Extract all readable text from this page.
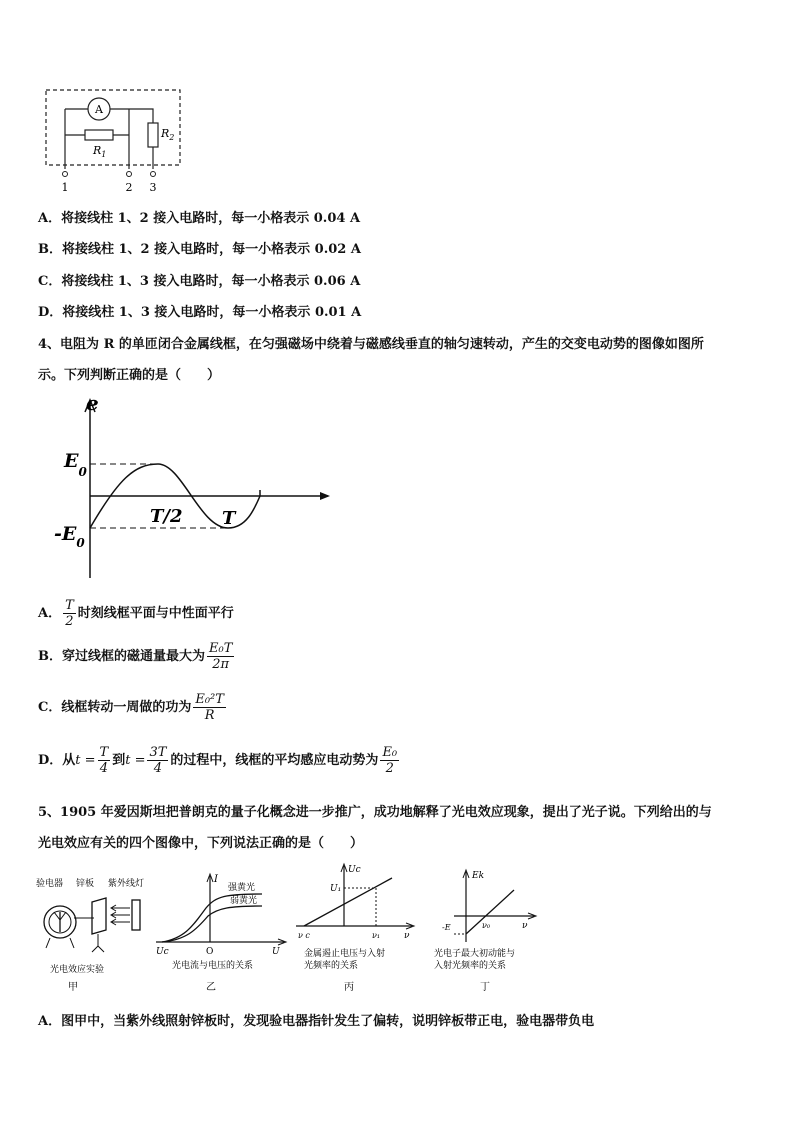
A
$R_1$
$R_2$
1	2 3
A．将接线柱 1、2 接入电路时，每一小格表示 0.04 A
B．将接线柱 1、2 接入电路时，每一小格表示 0.02 A
C．将接线柱 1、3 接入电路时，每一小格表示 0.06 A
D．将接线柱 1、3 接入电路时，每一小格表示 0.01 A
4、电阻为 R 的单匝闭合金属线框，在匀强磁场中绕着与磁感线垂直的轴匀速转动，产生的交变电动势的图像如图所
示。下列判断正确的是（　　）
e
$E_0$
$-E_0$
T/2 T
A． $\frac{T}{2}$ 时刻线框平面与中性面平行
B．穿过线框的磁通量最大为 $\frac{\text{E₀T}}{2\pi}$
C．线框转动一周做的功为 $\frac{\text{E₀²T}}{R}$
D．从$t = \frac{T}{4}$ 到$t = \frac{3T}{4}$ 的过程中，线框的平均感应电动势为 $\frac{\text{E₀}}{2}$
5、1905 年爱因斯坦把普朗克的量子化概念进一步推广，成功地解释了光电效应现象，提出了光子说。下列给出的与
光电效应有关的四个图像中，下列说法正确的是（　　）
验电器 锌板 紫外线灯
光电效应实验
甲
I
强黄光
弱黄光
Uc	O	U
光电流与电压的关系
乙
Uc
U₁
ν c	ν₁	ν
金属遏止电压与入射
光频率的关系
丙
Ek
-E	ν₀	ν
光电子最大初动能与
入射光频率的关系
丁
A．图甲中，当紫外线照射锌板时，发现验电器指针发生了偏转，说明锌板带正电，验电器带负电
